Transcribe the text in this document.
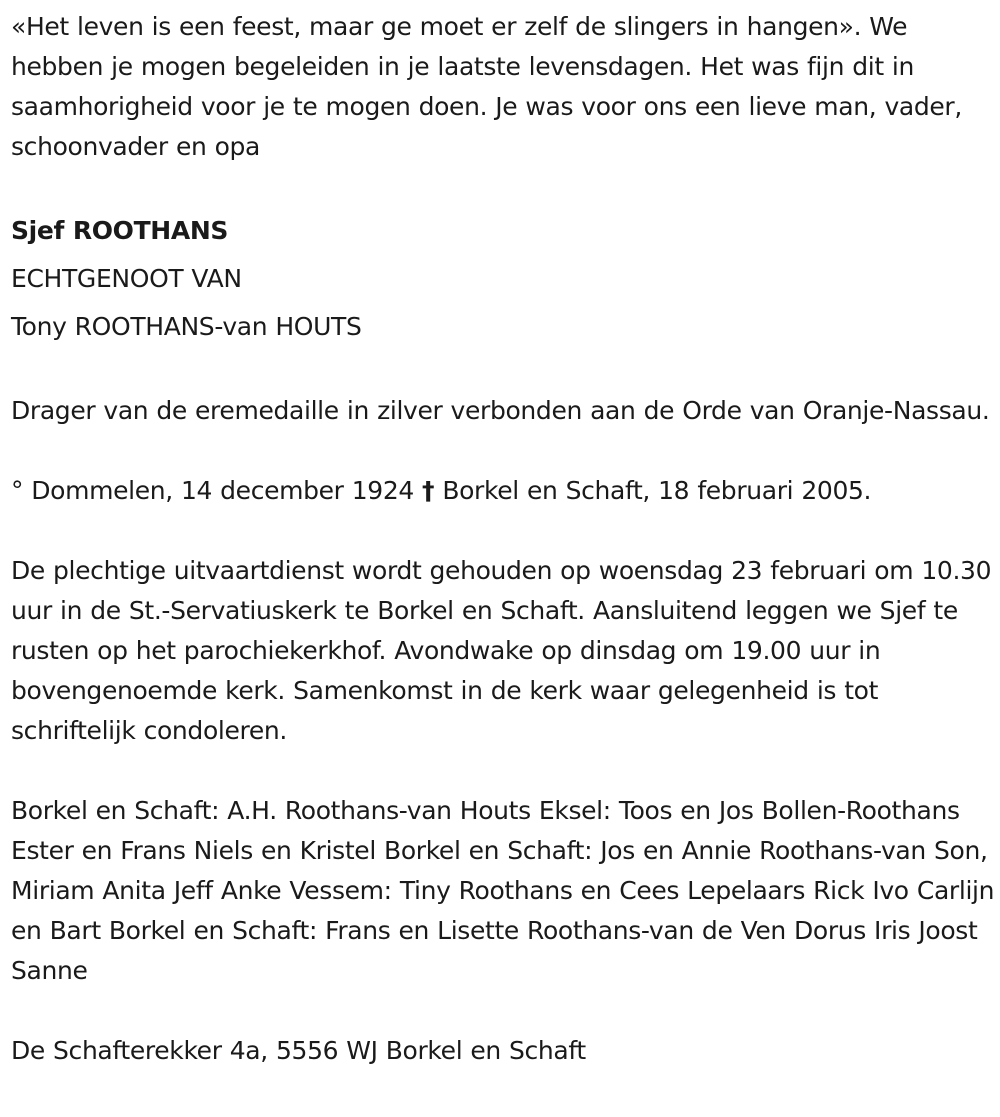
«Het leven is een feest, maar ge moet er zelf de slingers in hangen». We hebben je mogen begeleiden in je laatste levensdagen. Het was fijn dit in saamhorigheid voor je te mogen doen. Je was voor ons een lieve man, vader, schoonvader en opa

Sjef ROOTHANS

ECHTGENOOT VAN

Tony ROOTHANS-van HOUTS

Drager van de eremedaille in zilver verbonden aan de Orde van Oranje-Nassau.

° Dommelen, 14 december 1924 † Borkel en Schaft, 18 februari 2005.

De plechtige uitvaartdienst wordt gehouden op woensdag 23 februari om 10.30 uur in de St.-Servatiuskerk te Borkel en Schaft. Aansluitend leggen we Sjef te rusten op het parochiekerkhof. Avondwake op dinsdag om 19.00 uur in bovengenoemde kerk. Samenkomst in de kerk waar gelegenheid is tot schriftelijk condoleren.

Borkel en Schaft: A.H. Roothans-van Houts Eksel: Toos en Jos Bollen-Roothans Ester en Frans Niels en Kristel Borkel en Schaft: Jos en Annie Roothans-van Son, Miriam Anita Jeff Anke Vessem: Tiny Roothans en Cees Lepelaars Rick Ivo Carlijn en Bart Borkel en Schaft: Frans en Lisette Roothans-van de Ven Dorus Iris Joost Sanne

De Schafterekker 4a, 5556 WJ Borkel en Schaft
